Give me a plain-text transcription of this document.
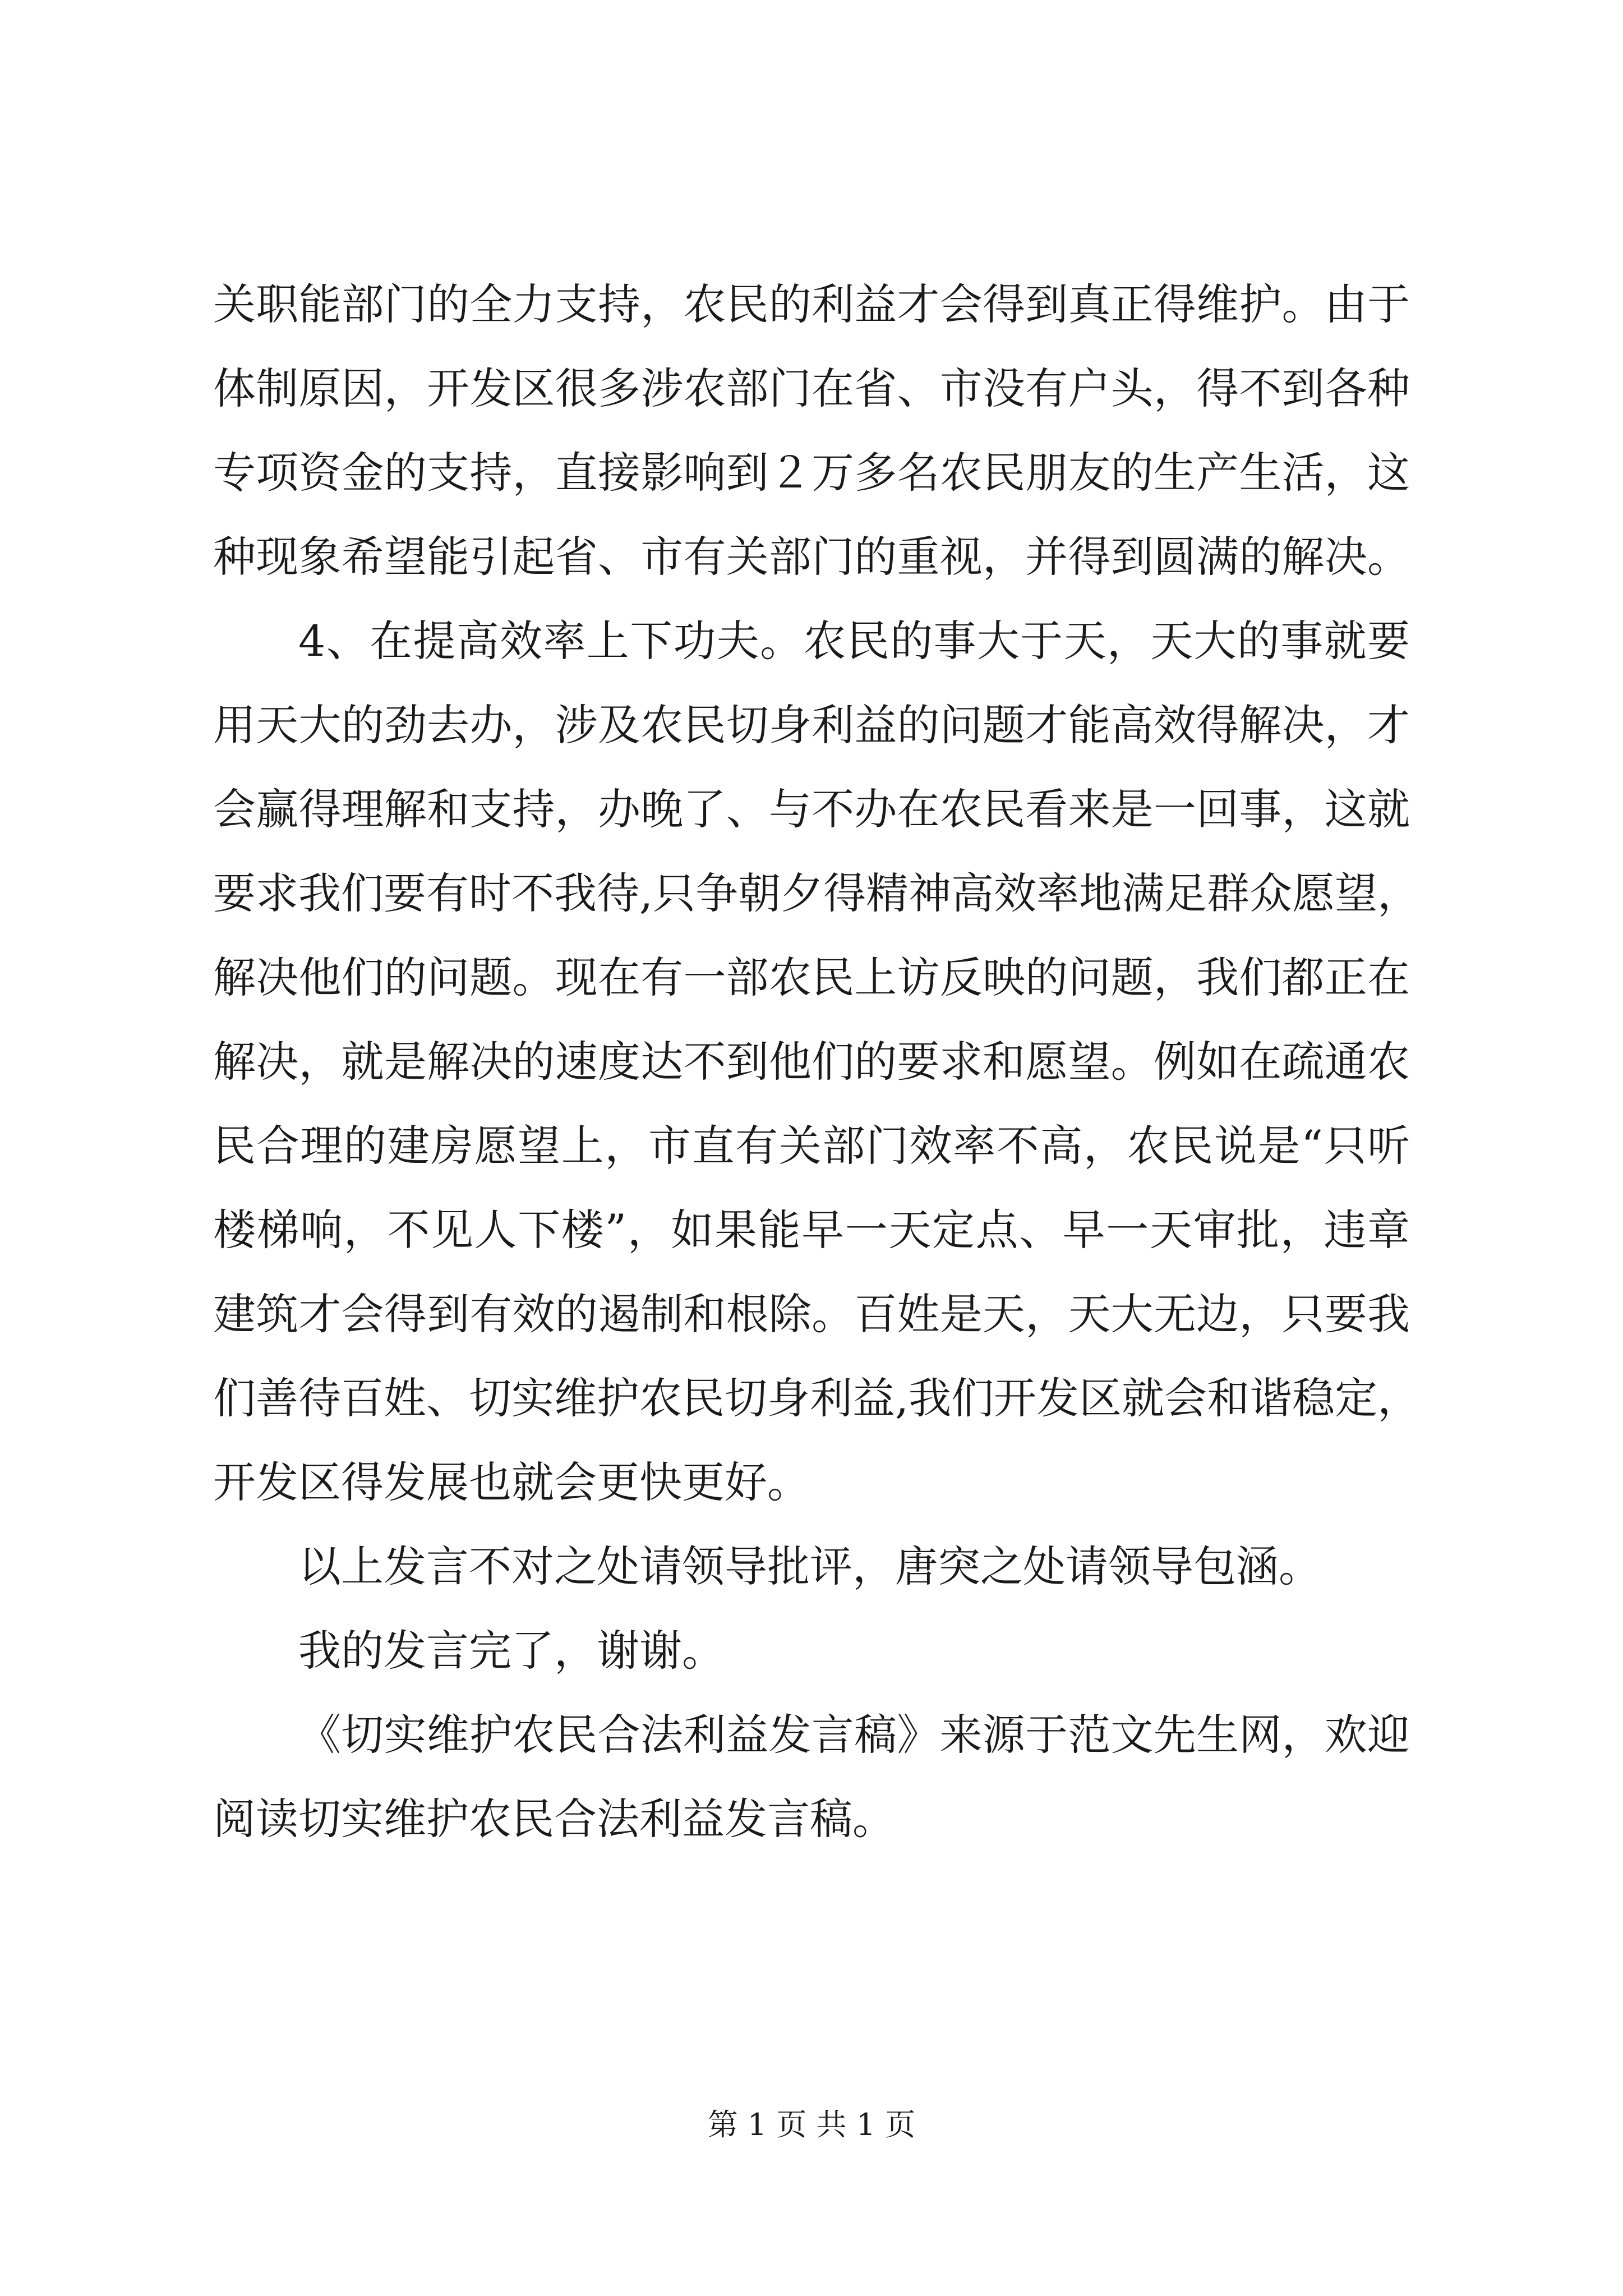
关职能部门的全力支持，农民的利益才会得到真正得维护。由于
体制原因，开发区很多涉农部门在省、市没有户头，得不到各种
专项资金的支持，直接影响到２万多名农民朋友的生产生活，这
种现象希望能引起省、市有关部门的重视，并得到圆满的解决。
4、在提高效率上下功夫。农民的事大于天，天大的事就要
用天大的劲去办，涉及农民切身利益的问题才能高效得解决，才
会赢得理解和支持，办晚了、与不办在农民看来是一回事，这就
要求我们要有时不我待,只争朝夕得精神高效率地满足群众愿望，
解决他们的问题。现在有一部农民上访反映的问题，我们都正在
解决，就是解决的速度达不到他们的要求和愿望。例如在疏通农
民合理的建房愿望上，市直有关部门效率不高，农民说是“只听
楼梯响，不见人下楼”，如果能早一天定点、早一天审批，违章
建筑才会得到有效的遏制和根除。百姓是天，天大无边，只要我
们善待百姓、切实维护农民切身利益,我们开发区就会和谐稳定，
开发区得发展也就会更快更好。
以上发言不对之处请领导批评，唐突之处请领导包涵。
我的发言完了，谢谢。
《切实维护农民合法利益发言稿》来源于范文先生网，欢迎
阅读切实维护农民合法利益发言稿。
第 1 页 共 1 页
